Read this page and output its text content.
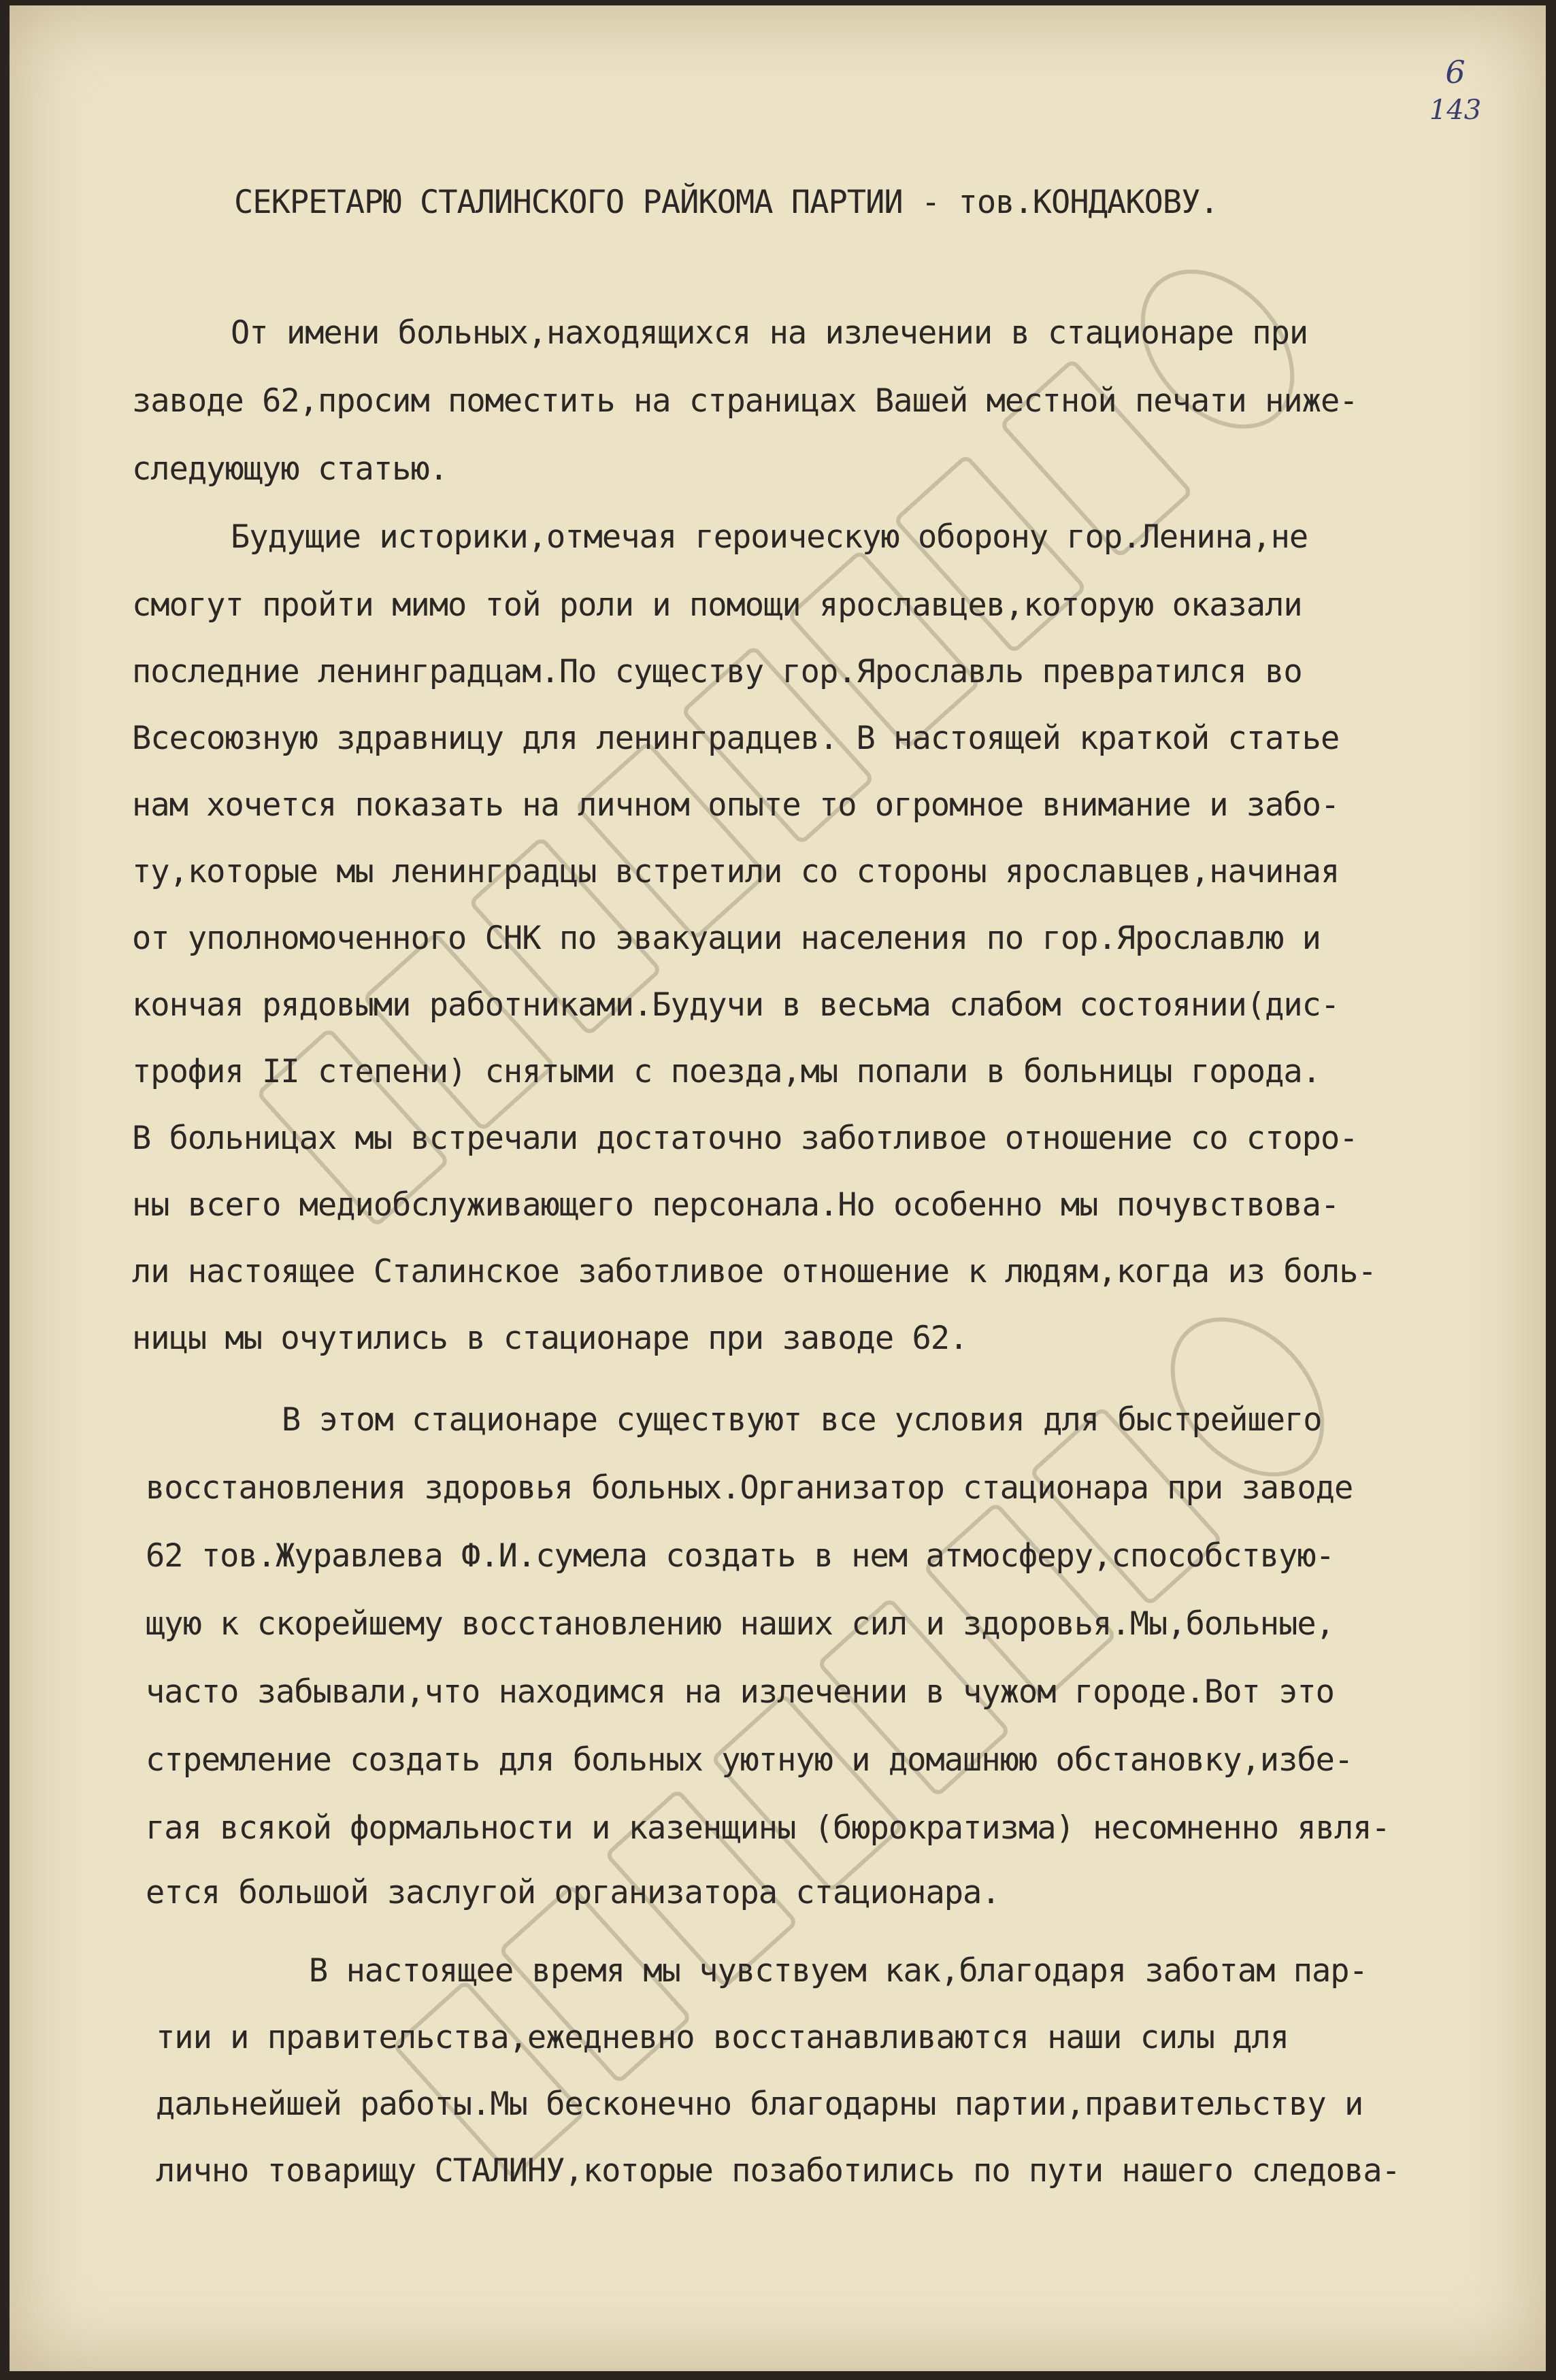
6
143
СЕКРЕТАРЮ СТАЛИНСКОГО РАЙКОМА ПАРТИИ - тов.КОНДАКОВУ.
От имени больных,находящихся на излечении в стационаре при
заводе 62,просим поместить на страницах Вашей местной печати ниже-
следующую статью.
Будущие историки,отмечая героическую оборону гор.Ленина,не
смогут пройти мимо той роли и помощи ярославцев,которую оказали
последние ленинградцам.По существу гор.Ярославль превратился во
Всесоюзную здравницу для ленинградцев. В настоящей краткой статье
нам хочется показать на личном опыте то огромное внимание и забо-
ту,которые мы ленинградцы встретили со стороны ярославцев,начиная
от уполномоченного СНК по эвакуации населения по гор.Ярославлю и
кончая рядовыми работниками.Будучи в весьма слабом состоянии(дис-
трофия II степени) снятыми с поезда,мы попали в больницы города.
В больницах мы встречали достаточно заботливое отношение со сторо-
ны всего медиобслуживающего персонала.Но особенно мы почувствова-
ли настоящее Сталинское заботливое отношение к людям,когда из боль-
ницы мы очутились в стационаре при заводе 62.
В этом стационаре существуют все условия для быстрейшего
восстановления здоровья больных.Организатор стационара при заводе
62 тов.Журавлева Ф.И.сумела создать в нем атмосферу,способствую-
щую к скорейшему восстановлению наших сил и здоровья.Мы,больные,
часто забывали,что находимся на излечении в чужом городе.Вот это
стремление создать для больных уютную и домашнюю обстановку,избе-
гая всякой формальности и казенщины (бюрократизма) несомненно явля-
ется большой заслугой организатора стационара.
В настоящее время мы чувствуем как,благодаря заботам пар-
тии и правительства,ежедневно восстанавливаются наши силы для
дальнейшей работы.Мы бесконечно благодарны партии,правительству и
лично товарищу СТАЛИНУ,которые позаботились по пути нашего следова-
